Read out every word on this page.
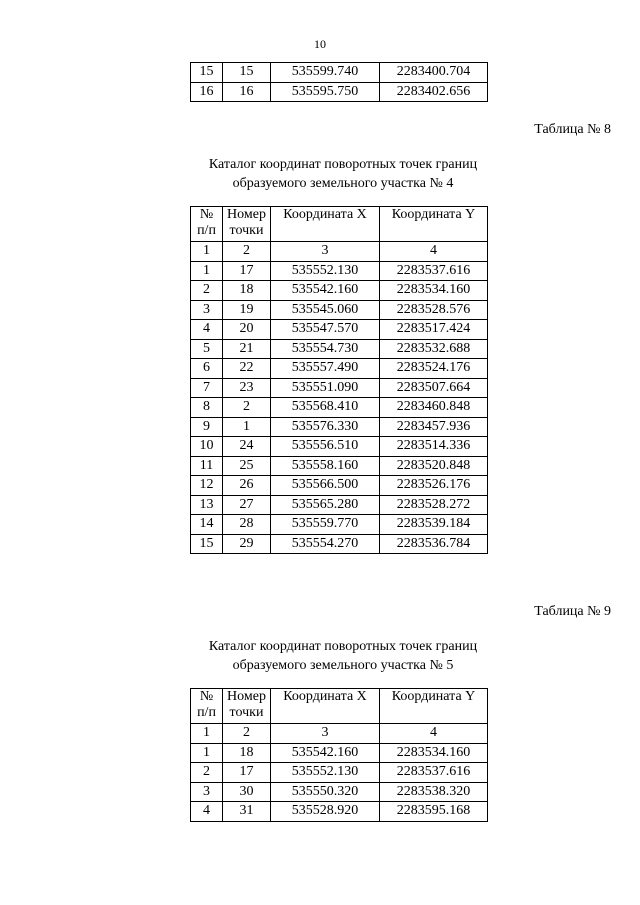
10
15	15	535599.740	2283400.704
16	16	535595.750	2283402.656
Таблица № 8
Каталог координат поворотных точек границ
образуемого земельного участка № 4
№ п/п	Номер точки	Координата X	Координата Y
1	2	3	4
1	17	535552.130	2283537.616
2	18	535542.160	2283534.160
3	19	535545.060	2283528.576
4	20	535547.570	2283517.424
5	21	535554.730	2283532.688
6	22	535557.490	2283524.176
7	23	535551.090	2283507.664
8	2	535568.410	2283460.848
9	1	535576.330	2283457.936
10	24	535556.510	2283514.336
11	25	535558.160	2283520.848
12	26	535566.500	2283526.176
13	27	535565.280	2283528.272
14	28	535559.770	2283539.184
15	29	535554.270	2283536.784
Таблица № 9
Каталог координат поворотных точек границ
образуемого земельного участка № 5
№ п/п	Номер точки	Координата X	Координата Y
1	2	3	4
1	18	535542.160	2283534.160
2	17	535552.130	2283537.616
3	30	535550.320	2283538.320
4	31	535528.920	2283595.168
